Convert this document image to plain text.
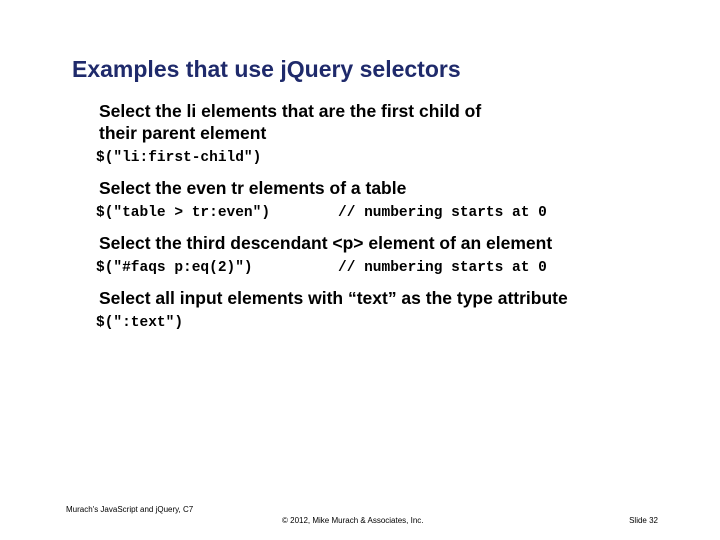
Examples that use jQuery selectors
Select the li elements that are the first child of their parent element
$("li:first-child")
Select the even tr elements of a table
$("table > tr:even")	// numbering starts at 0
Select the third descendant <p> element of an element
$("#faqs p:eq(2)")	// numbering starts at 0
Select all input elements with “text” as the type attribute
$(":text")
Murach's JavaScript and jQuery, C7
© 2012, Mike Murach & Associates, Inc.	Slide 32
